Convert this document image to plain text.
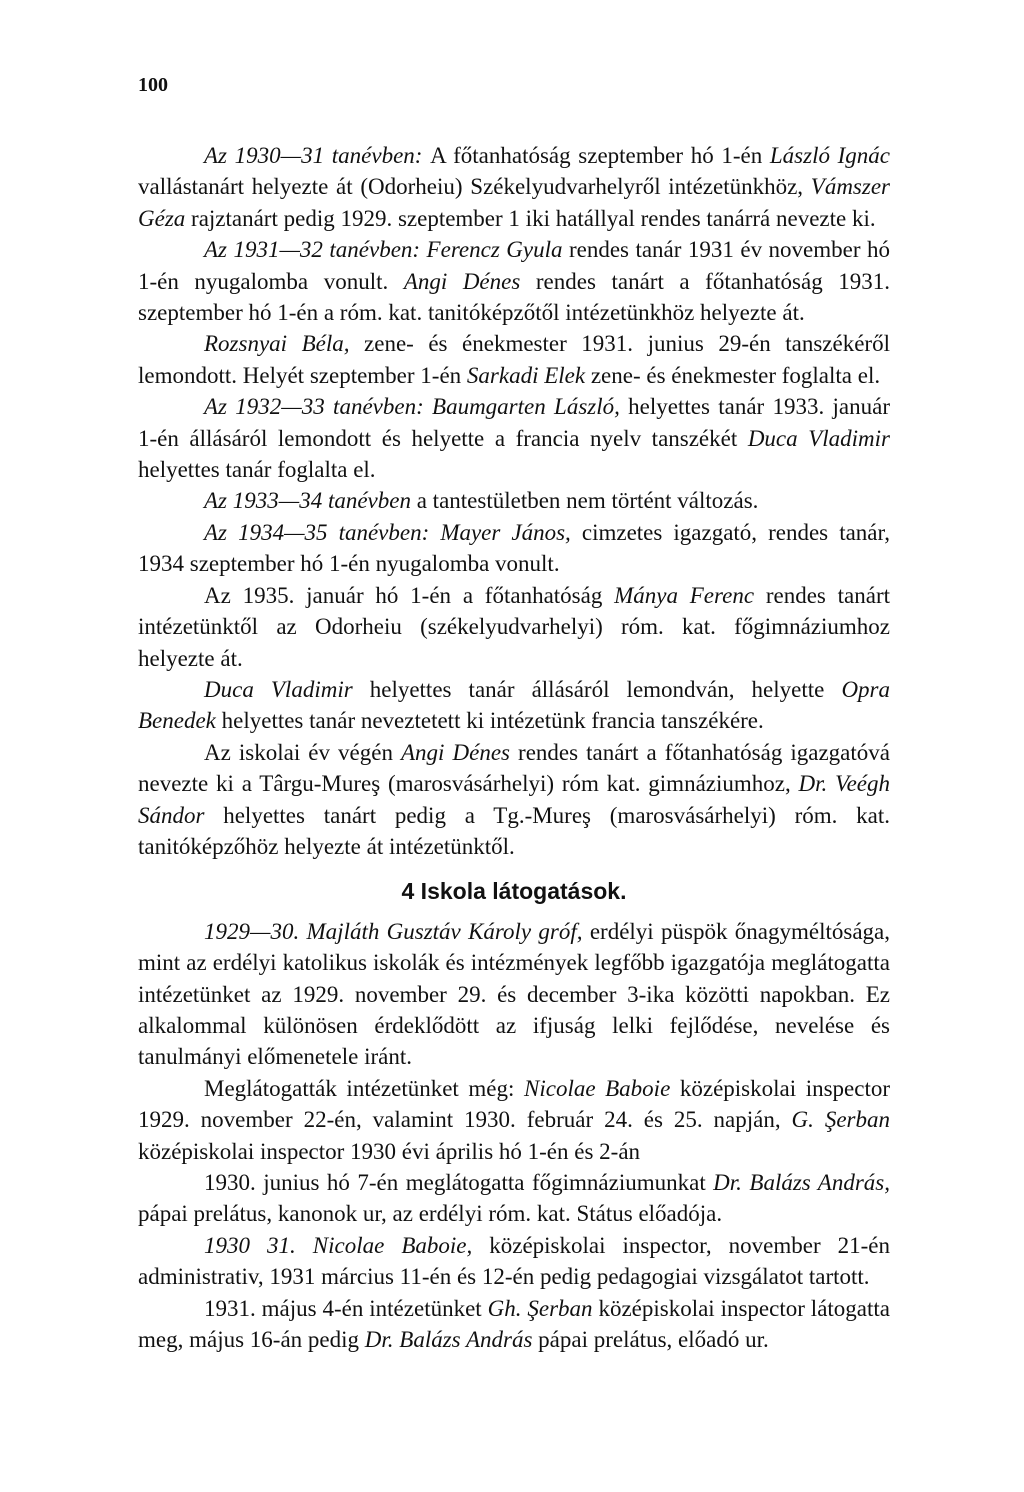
100

Az 1930—31 tanévben: A főtanhatóság szeptember hó 1-én László Ignác vallástanárt helyezte át (Odorheiu) Székelyudvarhelyről intézetünkhöz, Vámszer Géza rajztanárt pedig 1929. szeptember 1 iki hatállyal rendes tanárrá nevezte ki.

Az 1931—32 tanévben: Ferencz Gyula rendes tanár 1931 év november hó 1-én nyugalomba vonult. Angi Dénes rendes tanárt a főtanhatóság 1931. szeptember hó 1-én a róm. kat. tanitóképzőtől intézetünkhöz helyezte át.

Rozsnyai Béla, zene- és énekmester 1931. junius 29-én tanszékéről lemondott. Helyét szeptember 1-én Sarkadi Elek zene- és énekmester foglalta el.

Az 1932—33 tanévben: Baumgarten László, helyettes tanár 1933. január 1-én állásáról lemondott és helyette a francia nyelv tanszékét Duca Vladimir helyettes tanár foglalta el.

Az 1933—34 tanévben a tantestületben nem történt változás.

Az 1934—35 tanévben: Mayer János, cimzetes igazgató, rendes tanár, 1934 szeptember hó 1-én nyugalomba vonult.

Az 1935. január hó 1-én a főtanhatóság Mánya Ferenc rendes tanárt intézetünktől az Odorheiu (székelyudvarhelyi) róm. kat. főgimnáziumhoz helyezte át.

Duca Vladimir helyettes tanár állásáról lemondván, helyette Opra Benedek helyettes tanár neveztetett ki intézetünk francia tanszékére.

Az iskolai év végén Angi Dénes rendes tanárt a főtanhatóság igazgatóvá nevezte ki a Târgu-Mureş (marosvásárhelyi) róm kat. gimnáziumhoz, Dr. Veégh Sándor helyettes tanárt pedig a Tg.-Mureş (marosvásárhelyi) róm. kat. tanitóképzőhöz helyezte át intézetünktől.

4 Iskola látogatások.

1929—30. Majláth Gusztáv Károly gróf, erdélyi püspök őnagyméltósága, mint az erdélyi katolikus iskolák és intézmények legfőbb igazgatója meglátogatta intézetünket az 1929. november 29. és december 3-ika közötti napokban. Ez alkalommal különösen érdeklődött az ifjuság lelki fejlődése, nevelése és tanulmányi előmenetele iránt.

Meglátogatták intézetünket még: Nicolae Baboie középiskolai inspector 1929. november 22-én, valamint 1930. február 24. és 25. napján, G. Şerban középiskolai inspector 1930 évi április hó 1-én és 2-án

1930. junius hó 7-én meglátogatta főgimnáziumunkat Dr. Balázs András, pápai prelátus, kanonok ur, az erdélyi róm. kat. Státus előadója.

1930 31. Nicolae Baboie, középiskolai inspector, november 21-én administrativ, 1931 március 11-én és 12-én pedig pedagogiai vizsgálatot tartott.

1931. május 4-én intézetünket Gh. Şerban középiskolai inspector látogatta meg, május 16-án pedig Dr. Balázs András pápai prelátus, előadó ur.
